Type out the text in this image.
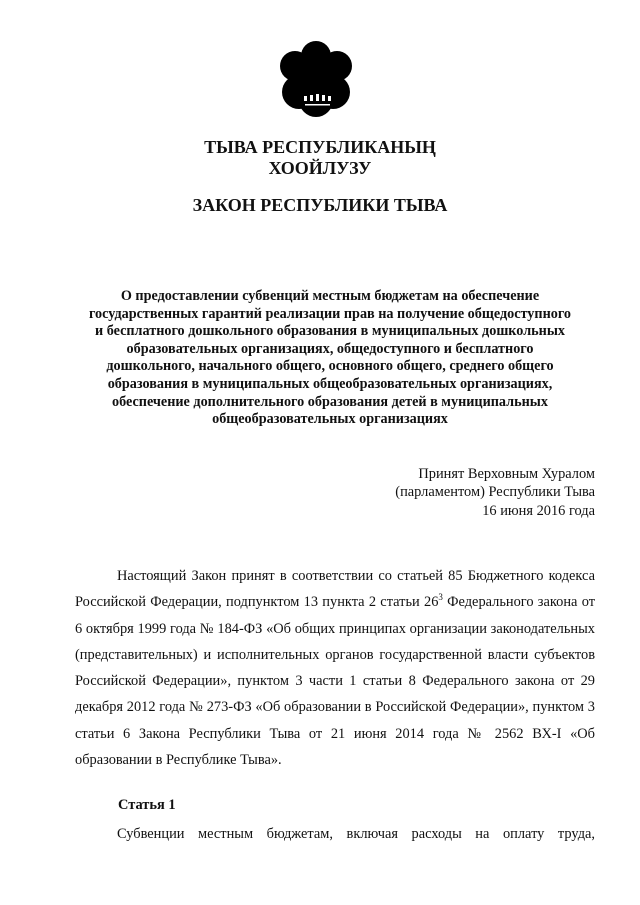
ТЫВА РЕСПУБЛИКАНЫҢ
ХООЙЛУЗУ
ЗАКОН РЕСПУБЛИКИ ТЫВА
О предоставлении субвенций местным бюджетам на обеспечение
государственных гарантий реализации прав на получение общедоступного
и бесплатного дошкольного образования в муниципальных дошкольных
образовательных организациях, общедоступного и бесплатного
дошкольного, начального общего, основного общего, среднего общего
образования в муниципальных общеобразовательных организациях,
обеспечение дополнительного образования детей в муниципальных
общеобразовательных организациях
Принят Верховным Хуралом
(парламентом) Республики Тыва
16 июня 2016 года

Настоящий Закон принят в соответствии со статьей 85 Бюджетного кодекса Российской Федерации, подпунктом 13 пункта 2 статьи $26^3$ Федерального закона от 6 октября 1999 года № 184-ФЗ «Об общих принципах организации законодательных (представительных) и исполнительных органов государственной власти субъектов Российской Федерации», пунктом 3 части 1 статьи 8 Федерального закона от 29 декабря 2012 года № 273-ФЗ «Об образовании в Российской Федерации», пунктом 3 статьи 6 Закона Республики Тыва от 21 июня 2014 года № 2562 ВХ-I «Об образовании в Республике Тыва».

Статья 1

Субвенции местным бюджетам, включая расходы на оплату труда,
